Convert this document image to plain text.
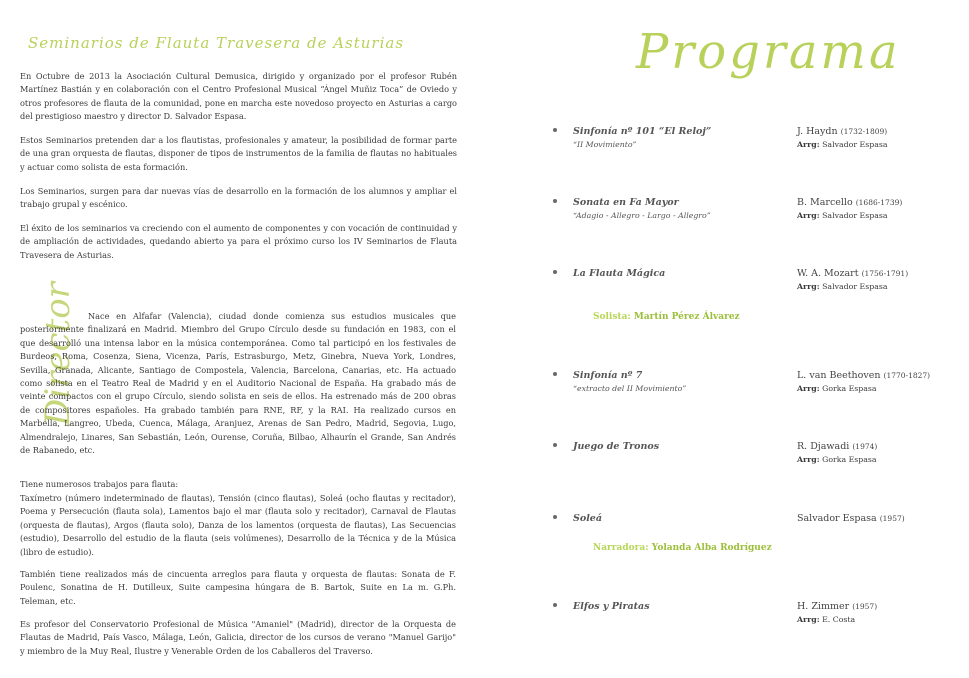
Seminarios de Flauta Travesera de Asturias

En Octubre de 2013 la Asociación Cultural Demusica, dirigido y organizado por el profesor Rubén Martínez Bastián y en colaboración con el Centro Profesional Musical “Ángel Muñiz Toca” de Oviedo y otros profesores de flauta de la comunidad, pone en marcha este novedoso proyecto en Asturias a cargo del prestigioso maestro y director D. Salvador Espasa.

Estos Seminarios pretenden dar a los flautistas, profesionales y amateur, la posibilidad de formar parte de una gran orquesta de flautas, disponer de tipos de instrumentos de la familia de flautas no habituales y actuar como solista de esta formación.

Los Seminarios, surgen para dar nuevas vías de desarrollo en la formación de los alumnos y ampliar el trabajo grupal y escénico.

El éxito de los seminarios va creciendo con el aumento de componentes y con vocación de continuidad y de ampliación de actividades, quedando abierto ya para el próximo curso los IV Seminarios de Flauta Travesera de Asturias.

Director	Nace en Alfafar (Valencia), ciudad donde comienza sus estudios musicales que posteriormente finalizará en Madrid. Miembro del Grupo Círculo desde su fundación en 1983, con el que desarrolló una intensa labor en la música contemporánea. Como tal participó en los festivales de Burdeos, Roma, Cosenza, Siena, Vicenza, París, Estrasburgo, Metz, Ginebra, Nueva York, Londres, Sevilla, Granada, Alicante, Santiago de Compostela, Valencia, Barcelona, Canarias, etc. Ha actuado como solista en el Teatro Real de Madrid y en el Auditorio Nacional de España. Ha grabado más de veinte compactos con el grupo Círculo, siendo solista en seis de ellos. Ha estrenado más de 200 obras de compositores españoles. Ha grabado también para RNE, RF, y la RAI. Ha realizado cursos en Marbella, Langreo, Ubeda, Cuenca, Málaga, Aranjuez, Arenas de San Pedro, Madrid, Segovia, Lugo, Almendralejo, Linares, San Sebastián, León, Ourense, Coruña, Bilbao, Alhaurín el Grande, San Andrés de Rabanedo, etc.

Tiene numerosos trabajos para flauta:

Taxímetro (número indeterminado de flautas), Tensión (cinco flautas), Soleá (ocho flautas y recitador), Poema y Persecución (flauta sola), Lamentos bajo el mar (flauta solo y recitador), Carnaval de Flautas (orquesta de flautas), Argos (flauta solo), Danza de los lamentos (orquesta de flautas), Las Secuencias (estudio), Desarrollo del estudio de la flauta (seis volúmenes), Desarrollo de la Técnica y de la Música (libro de estudio).

También tiene realizados más de cincuenta arreglos para flauta y orquesta de flautas: Sonata de F. Poulenc, Sonatina de H. Dutilleux, Suite campesina húngara de B. Bartok, Suite en La m. G.Ph. Teleman, etc.

Es profesor del Conservatorio Profesional de Música "Amaniel" (Madrid), director de la Orquesta de Flautas de Madrid, País Vasco, Málaga, León, Galicia, director de los cursos de verano "Manuel Garijo" y miembro de la Muy Real, Ilustre y Venerable Orden de los Caballeros del Traverso.

Programa
Sinfonía nº 101 “El Reloj”
“II Movimiento”
J. Haydn (1732-1809)
Arrg: Salvador Espasa
Sonata en Fa Mayor
“Adagio - Allegro - Largo - Allegro”
B. Marcello (1686-1739)
Arrg: Salvador Espasa
La Flauta Mágica	W. A. Mozart (1756-1791)
Arrg: Salvador Espasa
Solista: Martín Pérez Álvarez
Sinfonía nº 7
“extracto del II Movimiento”
L. van Beethoven (1770-1827)
Arrg: Gorka Espasa
Juego de Tronos	R. Djawadi (1974)
Arrg: Gorka Espasa
Soleá	Salvador Espasa (1957)
Narradora: Yolanda Alba Rodríguez
Elfos y Piratas	H. Zimmer (1957)
Arrg: E. Costa
